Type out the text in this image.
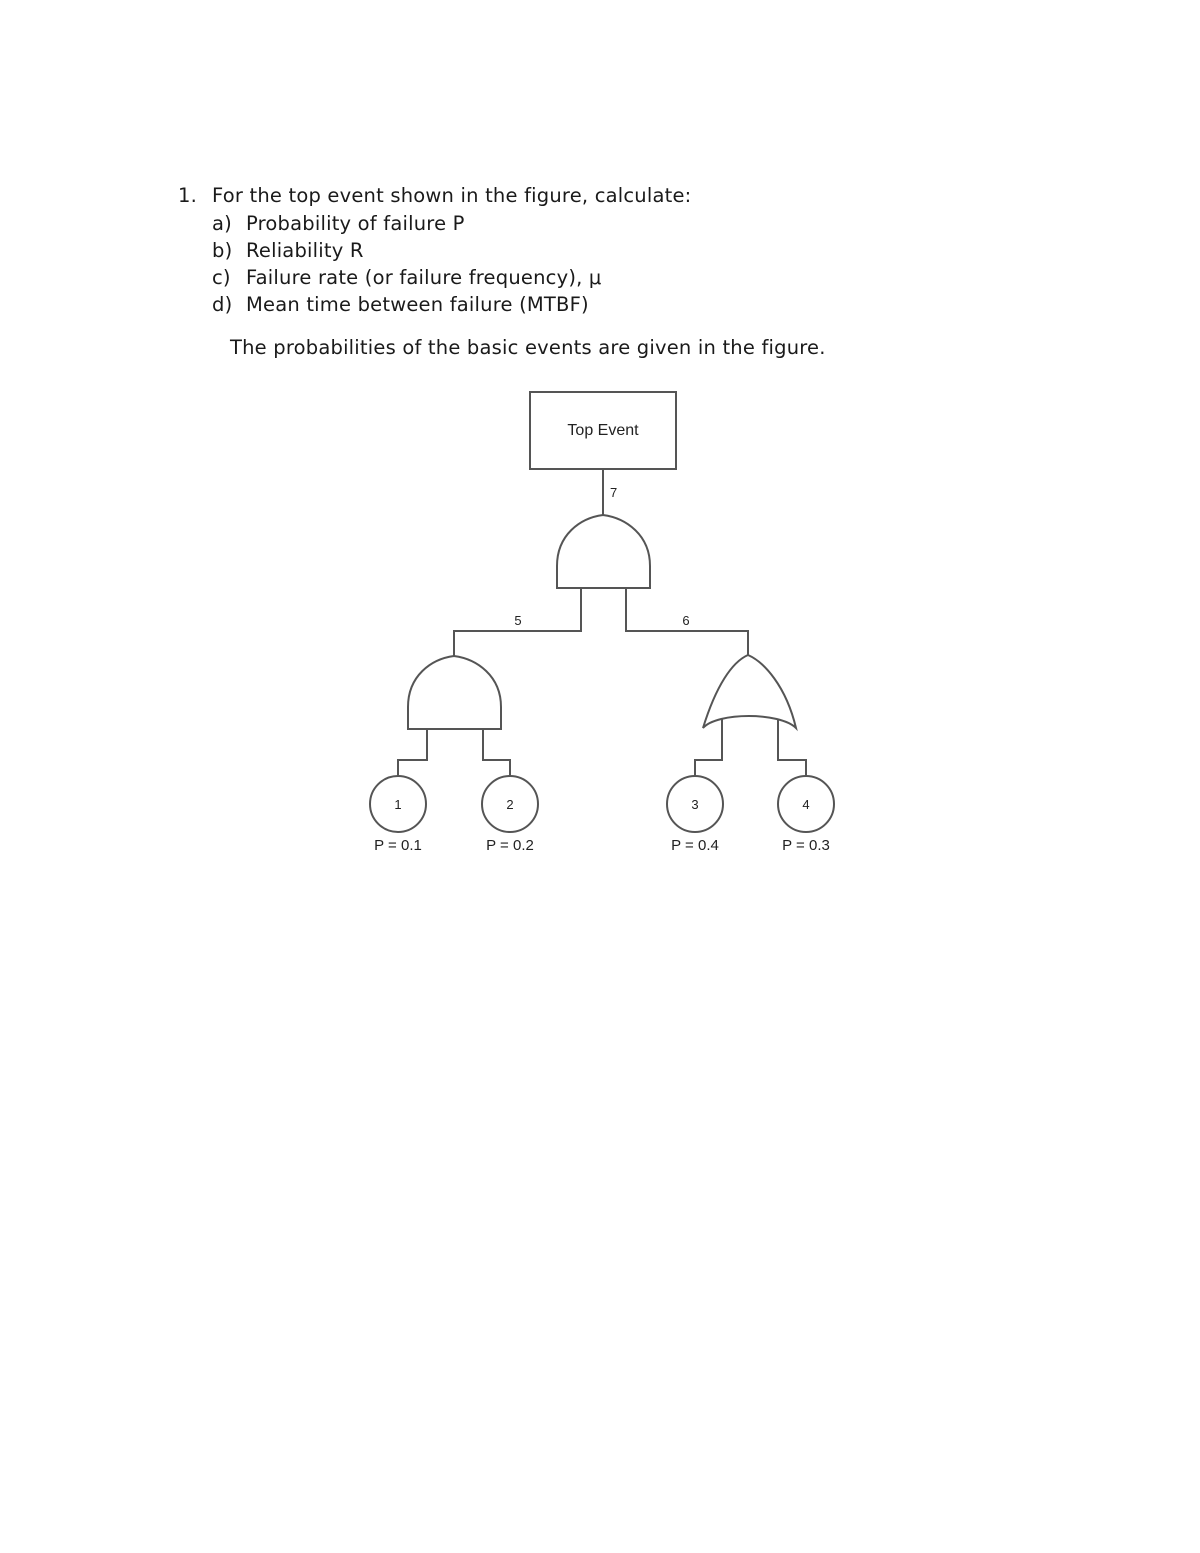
1. For the top event shown in the figure, calculate:
a) Probability of failure P
b) Reliability R
c) Failure rate (or failure frequency), μ
d) Mean time between failure (MTBF)
The probabilities of the basic events are given in the figure.
Top Event
7
5	6
1	2	3	4
P = 0.1	P = 0.2	P = 0.4	P = 0.3
